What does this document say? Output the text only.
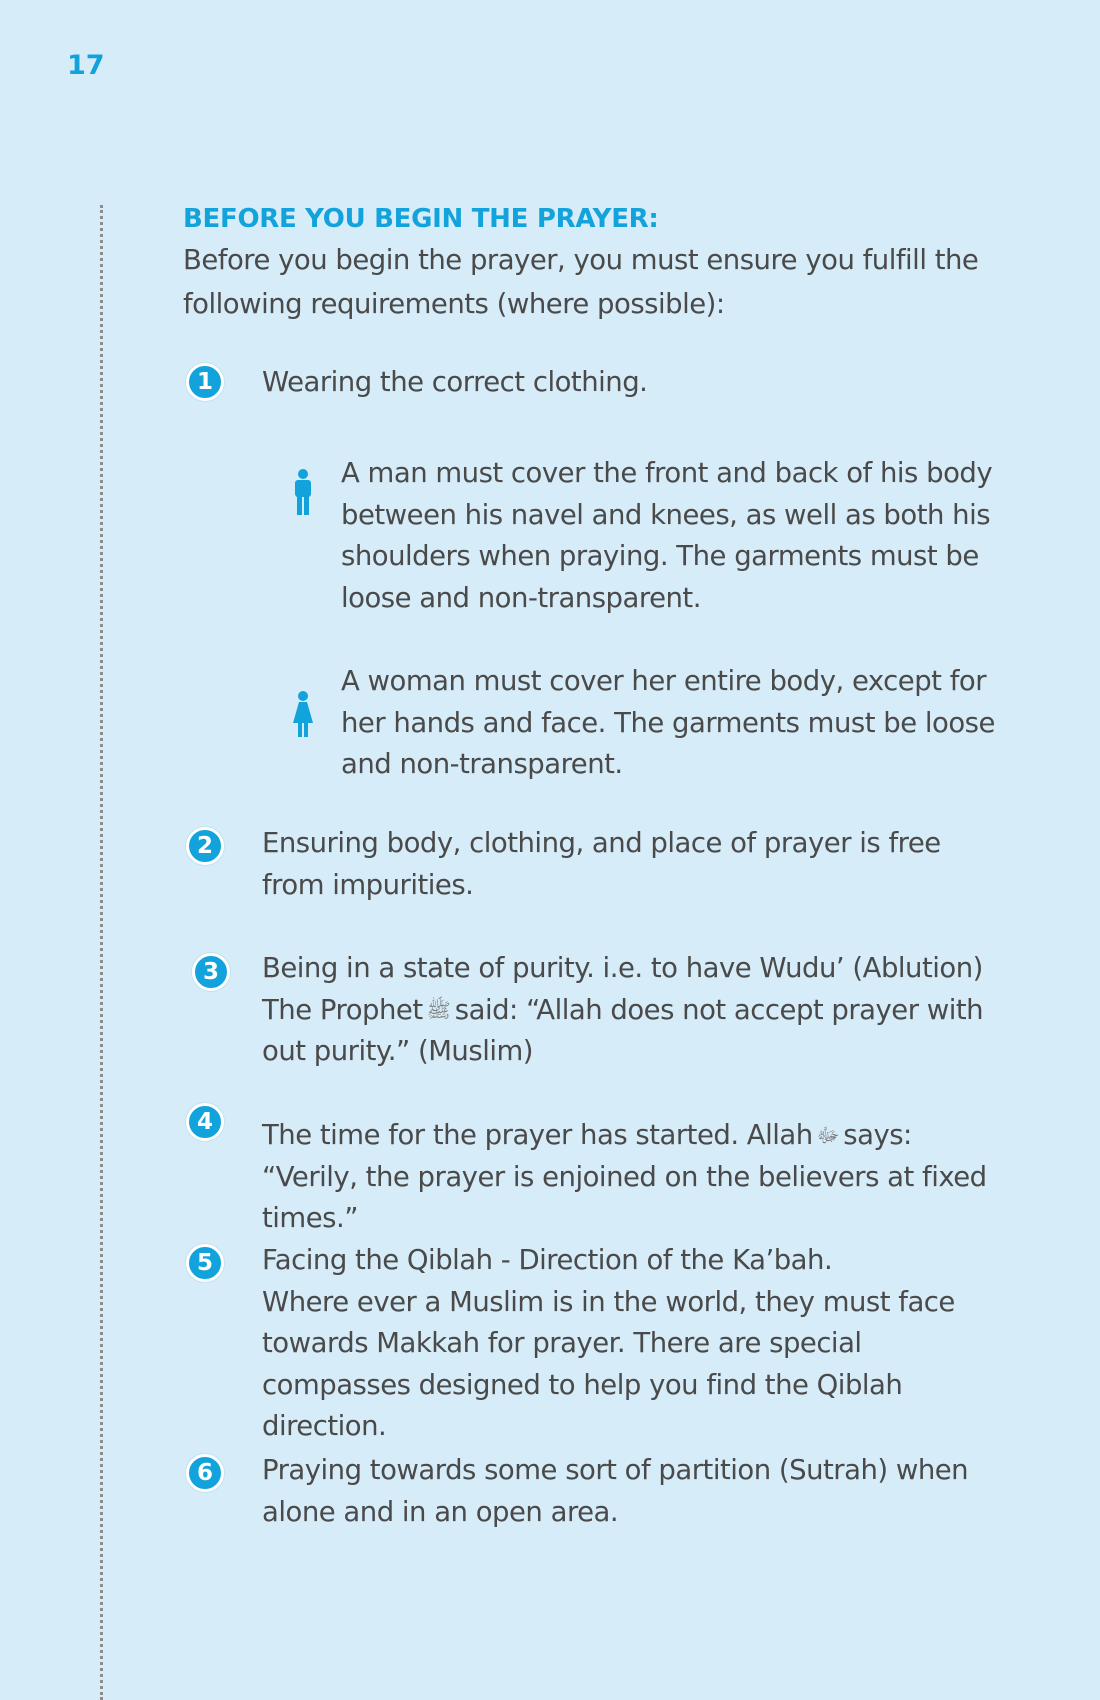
17
BEFORE YOU BEGIN THE PRAYER:

Before you begin the prayer, you must ensure you fulfill the following requirements (where possible):

1	Wearing the correct clothing.

A man must cover the front and back of his body between his navel and knees, as well as both his shoulders when praying. The garments must be loose and non-transparent.

A woman must cover her entire body, except for her hands and face. The garments must be loose and non-transparent.

2	Ensuring body, clothing, and place of prayer is free from impurities.

3	Being in a state of purity. i.e. to have Wudu’ (Ablution) The Prophet ﷺ said: “Allah does not accept prayer with out purity.” (Muslim)

4	The time for the prayer has started. Allah ﷻ says: “Verily, the prayer is enjoined on the believers at fixed times.”

5	Facing the Qiblah - Direction of the Ka’bah.
Where ever a Muslim is in the world, they must face towards Makkah for prayer. There are special compasses designed to help you find the Qiblah direction.

6	Praying towards some sort of partition (Sutrah) when alone and in an open area.
